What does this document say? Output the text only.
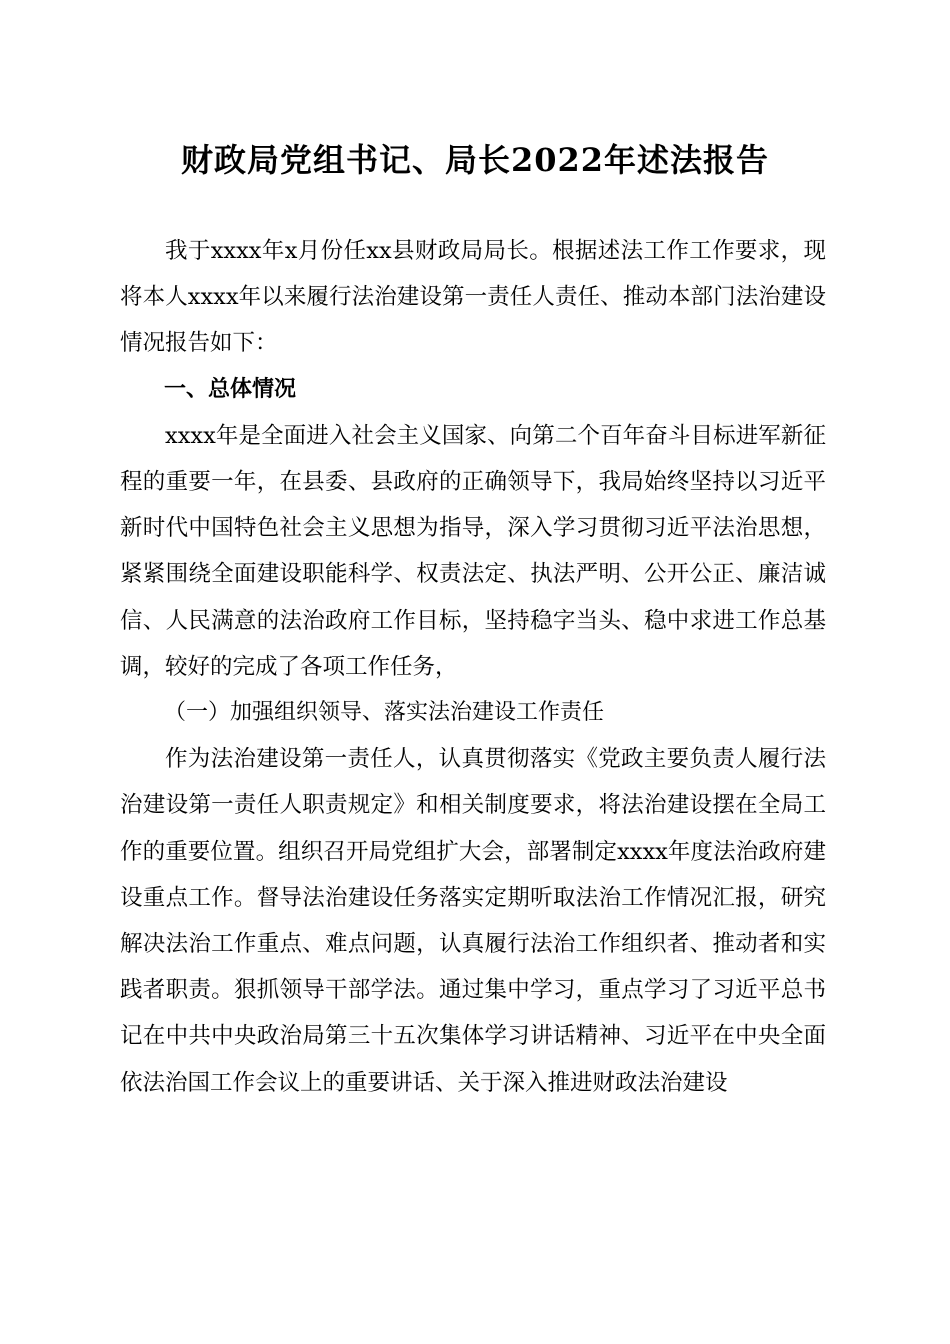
财政局党组书记、局长2022年述法报告

我于xxxx年x月份任xx县财政局局长。根据述法工作工作要求，现将本人xxxx年以来履行法治建设第一责任人责任、推动本部门法治建设情况报告如下：

一、总体情况

xxxx年是全面进入社会主义国家、向第二个百年奋斗目标进军新征程的重要一年，在县委、县政府的正确领导下，我局始终坚持以习近平新时代中国特色社会主义思想为指导，深入学习贯彻习近平法治思想，紧紧围绕全面建设职能科学、权责法定、执法严明、公开公正、廉洁诚信、人民满意的法治政府工作目标，坚持稳字当头、稳中求进工作总基调，较好的完成了各项工作任务，

（一）加强组织领导、落实法治建设工作责任

作为法治建设第一责任人，认真贯彻落实《党政主要负责人履行法治建设第一责任人职责规定》和相关制度要求，将法治建设摆在全局工作的重要位置。组织召开局党组扩大会，部署制定xxxx年度法治政府建设重点工作。督导法治建设任务落实定期听取法治工作情况汇报，研究解决法治工作重点、难点问题，认真履行法治工作组织者、推动者和实践者职责。狠抓领导干部学法。通过集中学习，重点学习了习近平总书记在中共中央政治局第三十五次集体学习讲话精神、习近平在中央全面依法治国工作会议上的重要讲话、关于深入推进财政法治建设
